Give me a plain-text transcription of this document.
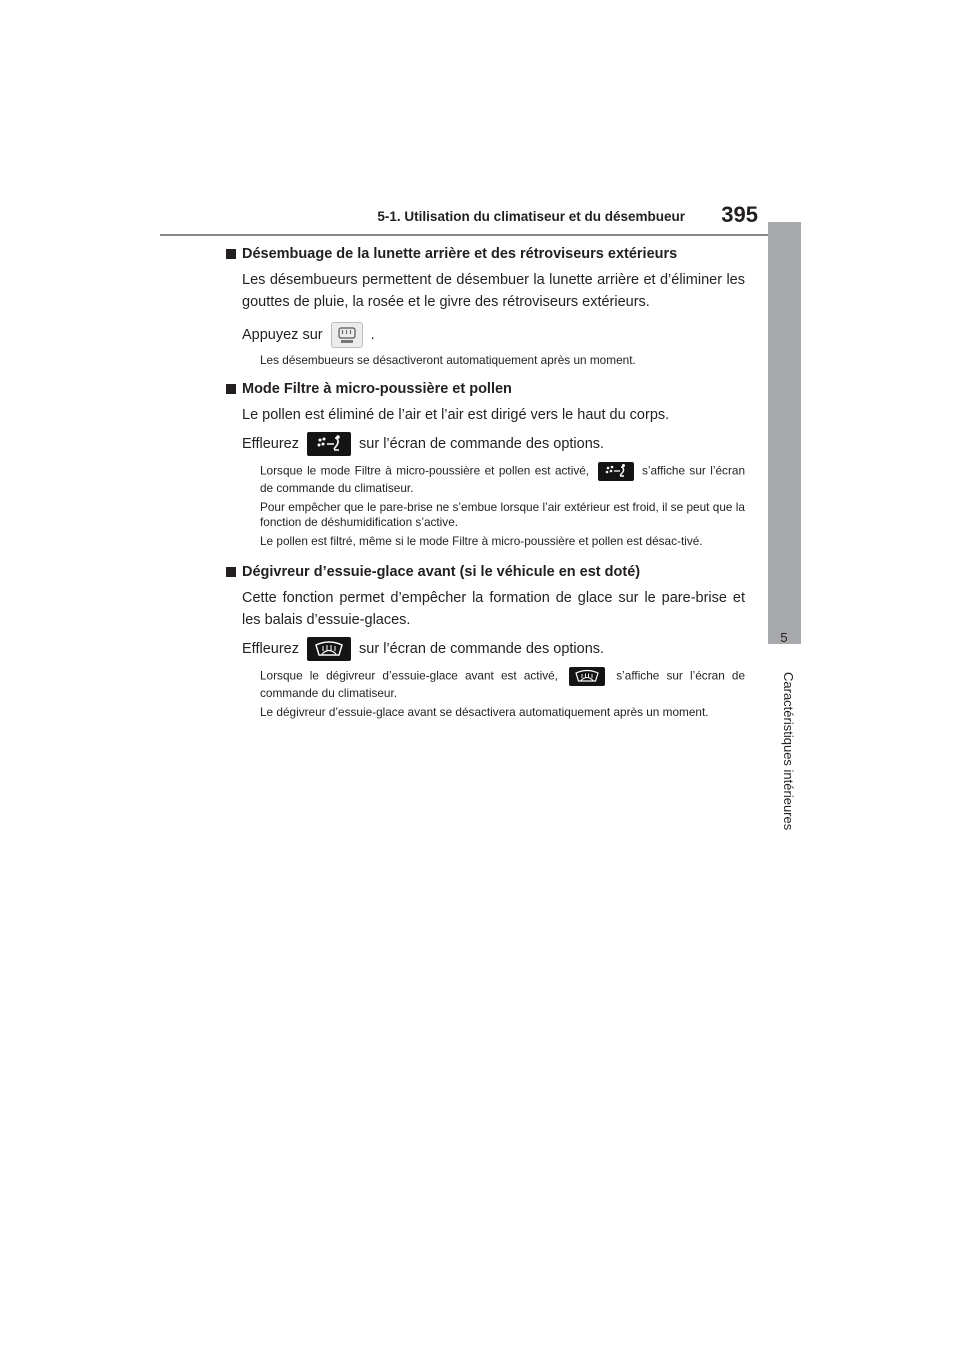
5-1. Utilisation du climatiseur et du désembueur 395
5
Caractéristiques intérieures
Désembuage de la lunette arrière et des rétroviseurs extérieurs
Les désembueurs permettent de désembuer la lunette arrière et d’éliminer les gouttes de pluie, la rosée et le givre des rétroviseurs extérieurs.
Appuyez sur	.
Les désembueurs se désactiveront automatiquement après un moment.
Mode Filtre à micro-poussière et pollen
Le pollen est éliminé de l’air et l’air est dirigé vers le haut du corps.
Effleurez	sur l’écran de commande des options.
Lorsque le mode Filtre à micro-poussière et pollen est activé,	s’affiche sur l’écran de commande du climatiseur.
Pour empêcher que le pare-brise ne s’embue lorsque l’air extérieur est froid, il se peut que la fonction de déshumidification s’active.
Le pollen est filtré, même si le mode Filtre à micro-poussière et pollen est désac-tivé.
Dégivreur d’essuie-glace avant (si le véhicule en est doté)
Cette fonction permet d’empêcher la formation de glace sur le pare-brise et les balais d’essuie-glaces.
Effleurez	sur l’écran de commande des options.
Lorsque le dégivreur d’essuie-glace avant est activé,	s’affiche sur l’écran de commande du climatiseur.
Le dégivreur d’essuie-glace avant se désactivera automatiquement après un moment.
